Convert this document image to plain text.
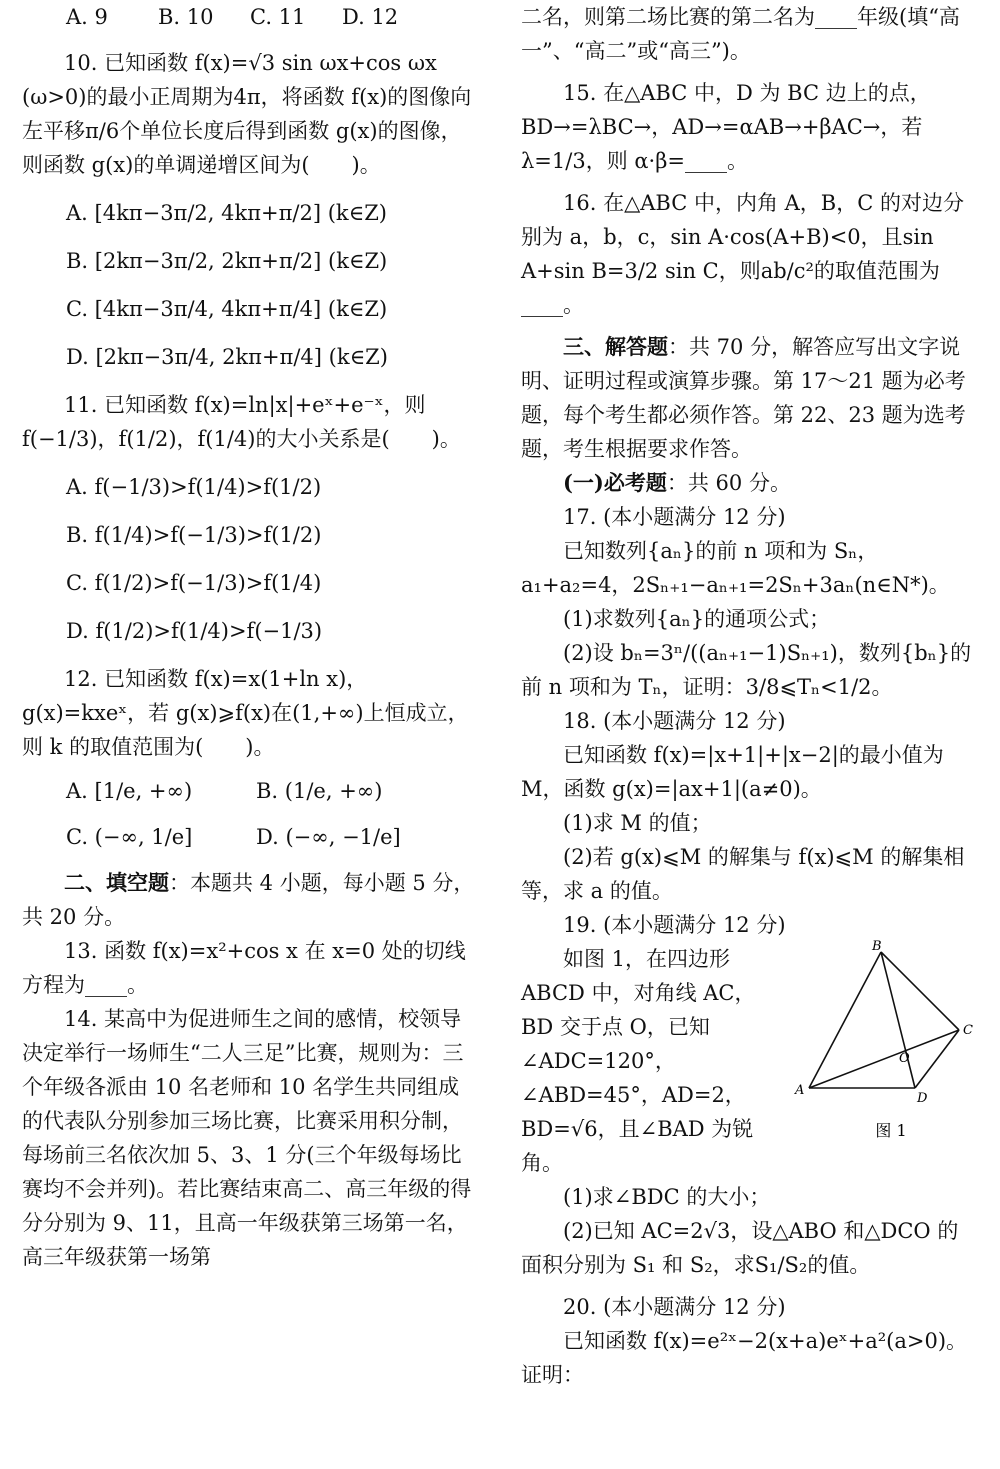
A. 9 B. 10 C. 11 D. 12

10. 已知函数 f(x)=√3 sin ωx+cos ωx (ω>0)的最小正周期为4π，将函数 f(x)的图像向左平移π/6个单位长度后得到函数 g(x)的图像，则函数 g(x)的单调递增区间为(　　)。

A. [4kπ−3π/2, 4kπ+π/2] (k∈Z)
B. [2kπ−3π/2, 2kπ+π/2] (k∈Z)
C. [4kπ−3π/4, 4kπ+π/4] (k∈Z)
D. [2kπ−3π/4, 2kπ+π/4] (k∈Z)

11. 已知函数 f(x)=ln|x|+eˣ+e⁻ˣ，则 f(−1/3)，f(1/2)，f(1/4)的大小关系是(　　)。

A. f(−1/3)>f(1/4)>f(1/2)
B. f(1/4)>f(−1/3)>f(1/2)
C. f(1/2)>f(−1/3)>f(1/4)
D. f(1/2)>f(1/4)>f(−1/3)

12. 已知函数 f(x)=x(1+ln x)，g(x)=kxeˣ，若 g(x)⩾f(x)在(1,+∞)上恒成立，则 k 的取值范围为(　　)。

A. [1/e, +∞)	B. (1/e, +∞)
C. (−∞, 1/e]	D. (−∞, −1/e]

二、填空题：本题共 4 小题，每小题 5 分，共 20 分。

13. 函数 f(x)=x²+cos x 在 x=0 处的切线方程为____。

14. 某高中为促进师生之间的感情，校领导决定举行一场师生“二人三足”比赛，规则为：三个年级各派由 10 名老师和 10 名学生共同组成的代表队分别参加三场比赛，比赛采用积分制，每场前三名依次加 5、3、1 分(三个年级每场比赛均不会并列)。若比赛结束高二、高三年级的得分分别为 9、11，且高一年级获第三场第一名，高三年级获第一场第

二名，则第二场比赛的第二名为____年级(填“高一”、“高二”或“高三”)。

15. 在△ABC 中，D 为 BC 边上的点，BD→=λBC→，AD→=αAB→+βAC→，若 λ=1/3，则 α·β=____。

16. 在△ABC 中，内角 A，B，C 的对边分别为 a，b，c，sin A·cos(A+B)<0，且sin A+sin B=3/2 sin C，则ab/c²的取值范围为____。

三、解答题：共 70 分，解答应写出文字说明、证明过程或演算步骤。第 17～21 题为必考题，每个考生都必须作答。第 22、23 题为选考题，考生根据要求作答。

(一)必考题：共 60 分。

17. (本小题满分 12 分)

已知数列{aₙ}的前 n 项和为 Sₙ，a₁+a₂=4，2Sₙ₊₁−aₙ₊₁=2Sₙ+3aₙ(n∈N*)。

(1)求数列{aₙ}的通项公式；

(2)设 bₙ=3ⁿ/((aₙ₊₁−1)Sₙ₊₁)，数列{bₙ}的前 n 项和为 Tₙ，证明：3/8⩽Tₙ<1/2。

18. (本小题满分 12 分)

已知函数 f(x)=|x+1|+|x−2|的最小值为 M，函数 g(x)=|ax+1|(a≠0)。

(1)求 M 的值；

(2)若 g(x)⩽M 的解集与 f(x)⩽M 的解集相等，求 a 的值。

19. (本小题满分 12 分)

B
C
O
A
D
图 1

如图 1，在四边形 ABCD 中，对角线 AC，BD 交于点 O，已知∠ADC=120°，∠ABD=45°，AD=2，BD=√6，且∠BAD 为锐角。

(1)求∠BDC 的大小；

(2)已知 AC=2√3，设△ABO 和△DCO 的面积分别为 S₁ 和 S₂，求S₁/S₂的值。

20. (本小题满分 12 分)

已知函数 f(x)=e²ˣ−2(x+a)eˣ+a²(a>0)。证明：
